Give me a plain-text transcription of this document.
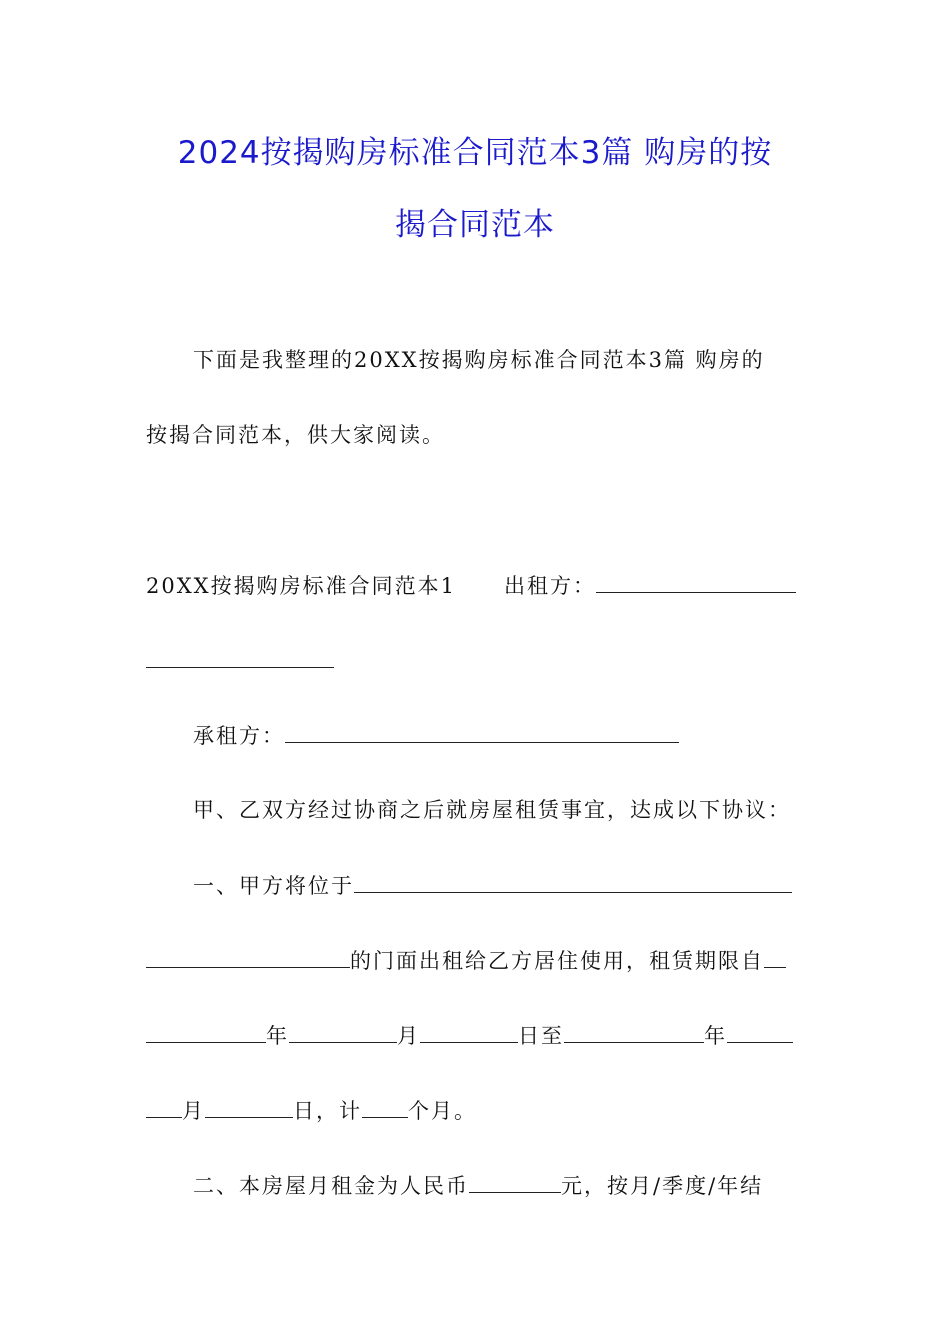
2024按揭购房标准合同范本3篇 购房的按
揭合同范本
下面是我整理的20XX按揭购房标准合同范本3篇 购房的
按揭合同范本，供大家阅读。
20XX按揭购房标准合同范本1 出租方：
承租方：
甲、乙双方经过协商之后就房屋租赁事宜，达成以下协议：
一、甲方将位于
的门面出租给乙方居住使用，租赁期限自
年	月	日至	年
月	日，计 个月。
二、本房屋月租金为人民币	元，按月/季度/年结
